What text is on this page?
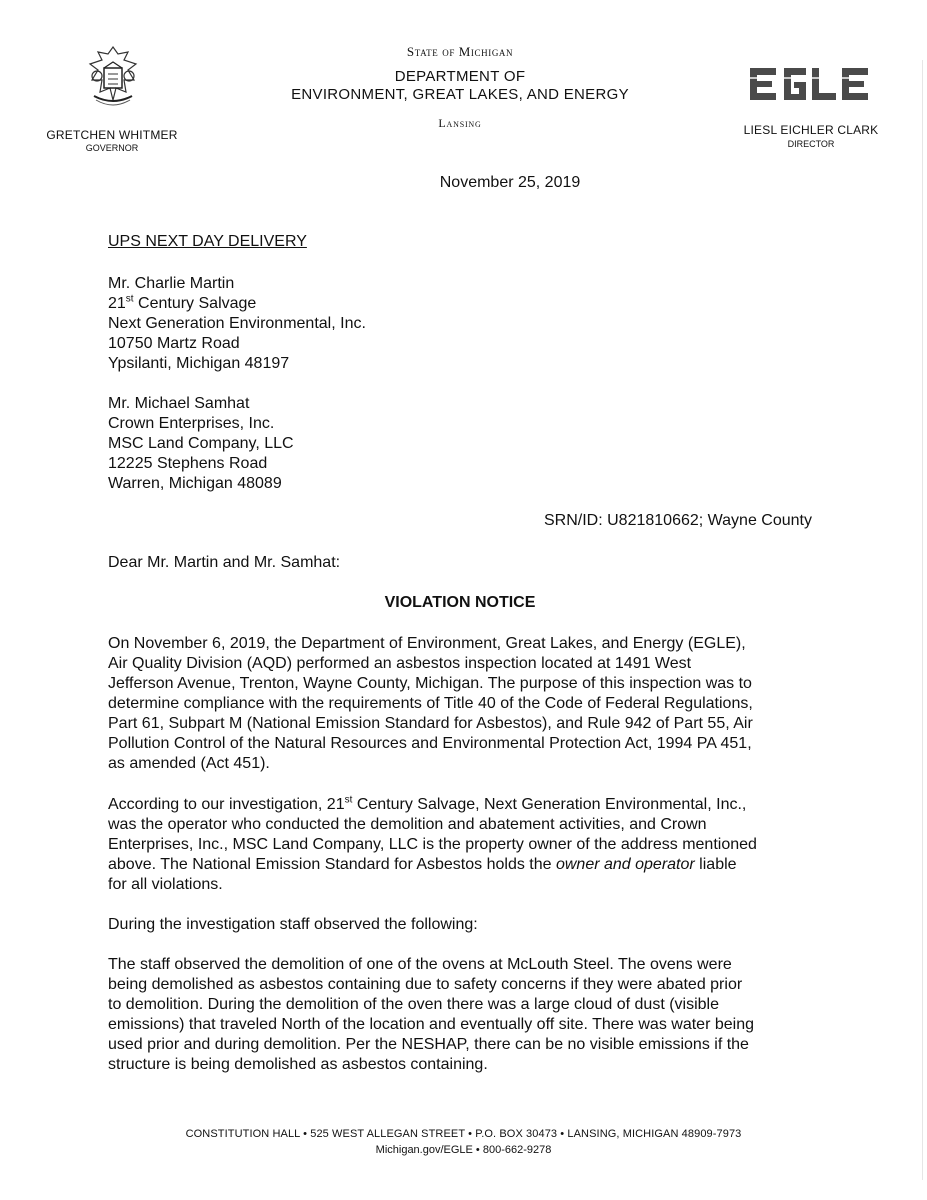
GRETCHEN WHITMER
GOVERNOR
State of Michigan
DEPARTMENT OF
ENVIRONMENT, GREAT LAKES, AND ENERGY
Lansing	LIESL EICHLER CLARK
DIRECTOR
November 25, 2019
UPS NEXT DAY DELIVERY
Mr. Charlie Martin
21st Century Salvage
Next Generation Environmental, Inc.
10750 Martz Road
Ypsilanti, Michigan 48197
Mr. Michael Samhat
Crown Enterprises, Inc.
MSC Land Company, LLC
12225 Stephens Road
Warren, Michigan 48089
SRN/ID: U821810662; Wayne County
Dear Mr. Martin and Mr. Samhat:
VIOLATION NOTICE
On November 6, 2019, the Department of Environment, Great Lakes, and Energy (EGLE),
Air Quality Division (AQD) performed an asbestos inspection located at 1491 West
Jefferson Avenue, Trenton, Wayne County, Michigan. The purpose of this inspection was to
determine compliance with the requirements of Title 40 of the Code of Federal Regulations,
Part 61, Subpart M (National Emission Standard for Asbestos), and Rule 942 of Part 55, Air
Pollution Control of the Natural Resources and Environmental Protection Act, 1994 PA 451,
as amended (Act 451).
According to our investigation, 21st Century Salvage, Next Generation Environmental, Inc.,
was the operator who conducted the demolition and abatement activities, and Crown
Enterprises, Inc., MSC Land Company, LLC is the property owner of the address mentioned
above. The National Emission Standard for Asbestos holds the owner and operator liable
for all violations.
During the investigation staff observed the following:
The staff observed the demolition of one of the ovens at McLouth Steel. The ovens were
being demolished as asbestos containing due to safety concerns if they were abated prior
to demolition. During the demolition of the oven there was a large cloud of dust (visible
emissions) that traveled North of the location and eventually off site. There was water being
used prior and during demolition. Per the NESHAP, there can be no visible emissions if the
structure is being demolished as asbestos containing.
CONSTITUTION HALL • 525 WEST ALLEGAN STREET • P.O. BOX 30473 • LANSING, MICHIGAN 48909-7973
Michigan.gov/EGLE • 800-662-9278
